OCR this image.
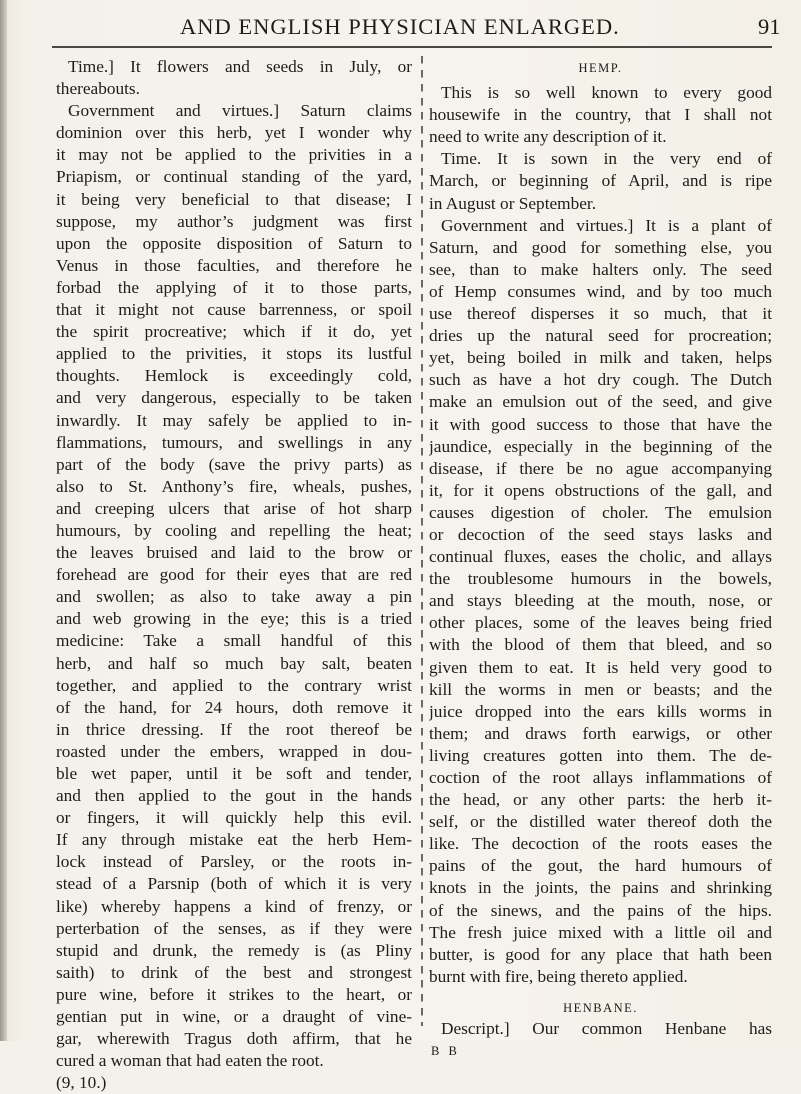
AND ENGLISH PHYSICIAN ENLARGED.	91
Time.] It flowers and seeds in July, or
thereabouts.
Government and virtues.] Saturn claims
dominion over this herb, yet I wonder why
it may not be applied to the privities in a
Priapism, or continual standing of the yard,
it being very beneficial to that disease; I
suppose, my author’s judgment was first
upon the opposite disposition of Saturn to
Venus in those faculties, and therefore he
forbad the applying of it to those parts,
that it might not cause barrenness, or spoil
the spirit procreative; which if it do, yet
applied to the privities, it stops its lustful
thoughts. Hemlock is exceedingly cold,
and very dangerous, especially to be taken
inwardly. It may safely be applied to in-
flammations, tumours, and swellings in any
part of the body (save the privy parts) as
also to St. Anthony’s fire, wheals, pushes,
and creeping ulcers that arise of hot sharp
humours, by cooling and repelling the heat;
the leaves bruised and laid to the brow or
forehead are good for their eyes that are red
and swollen; as also to take away a pin
and web growing in the eye; this is a tried
medicine: Take a small handful of this
herb, and half so much bay salt, beaten
together, and applied to the contrary wrist
of the hand, for 24 hours, doth remove it
in thrice dressing. If the root thereof be
roasted under the embers, wrapped in dou-
ble wet paper, until it be soft and tender,
and then applied to the gout in the hands
or fingers, it will quickly help this evil.
If any through mistake eat the herb Hem-
lock instead of Parsley, or the roots in-
stead of a Parsnip (both of which it is very
like) whereby happens a kind of frenzy, or
perterbation of the senses, as if they were
stupid and drunk, the remedy is (as Pliny
saith) to drink of the best and strongest
pure wine, before it strikes to the heart, or
gentian put in wine, or a draught of vine-
gar, wherewith Tragus doth affirm, that he
cured a woman that had eaten the root.
(9, 10.)
HEMP.
This is so well known to every good
housewife in the country, that I shall not
need to write any description of it.
Time. It is sown in the very end of
March, or beginning of April, and is ripe
in August or September.
Government and virtues.] It is a plant of
Saturn, and good for something else, you
see, than to make halters only. The seed
of Hemp consumes wind, and by too much
use thereof disperses it so much, that it
dries up the natural seed for procreation;
yet, being boiled in milk and taken, helps
such as have a hot dry cough. The Dutch
make an emulsion out of the seed, and give
it with good success to those that have the
jaundice, especially in the beginning of the
disease, if there be no ague accompanying
it, for it opens obstructions of the gall, and
causes digestion of choler. The emulsion
or decoction of the seed stays lasks and
continual fluxes, eases the cholic, and allays
the troublesome humours in the bowels,
and stays bleeding at the mouth, nose, or
other places, some of the leaves being fried
with the blood of them that bleed, and so
given them to eat. It is held very good to
kill the worms in men or beasts; and the
juice dropped into the ears kills worms in
them; and draws forth earwigs, or other
living creatures gotten into them. The de-
coction of the root allays inflammations of
the head, or any other parts: the herb it-
self, or the distilled water thereof doth the
like. The decoction of the roots eases the
pains of the gout, the hard humours of
knots in the joints, the pains and shrinking
of the sinews, and the pains of the hips.
The fresh juice mixed with a little oil and
butter, is good for any place that hath been
burnt with fire, being thereto applied.
HENBANE.
Descript.] Our common Henbane has
B B
